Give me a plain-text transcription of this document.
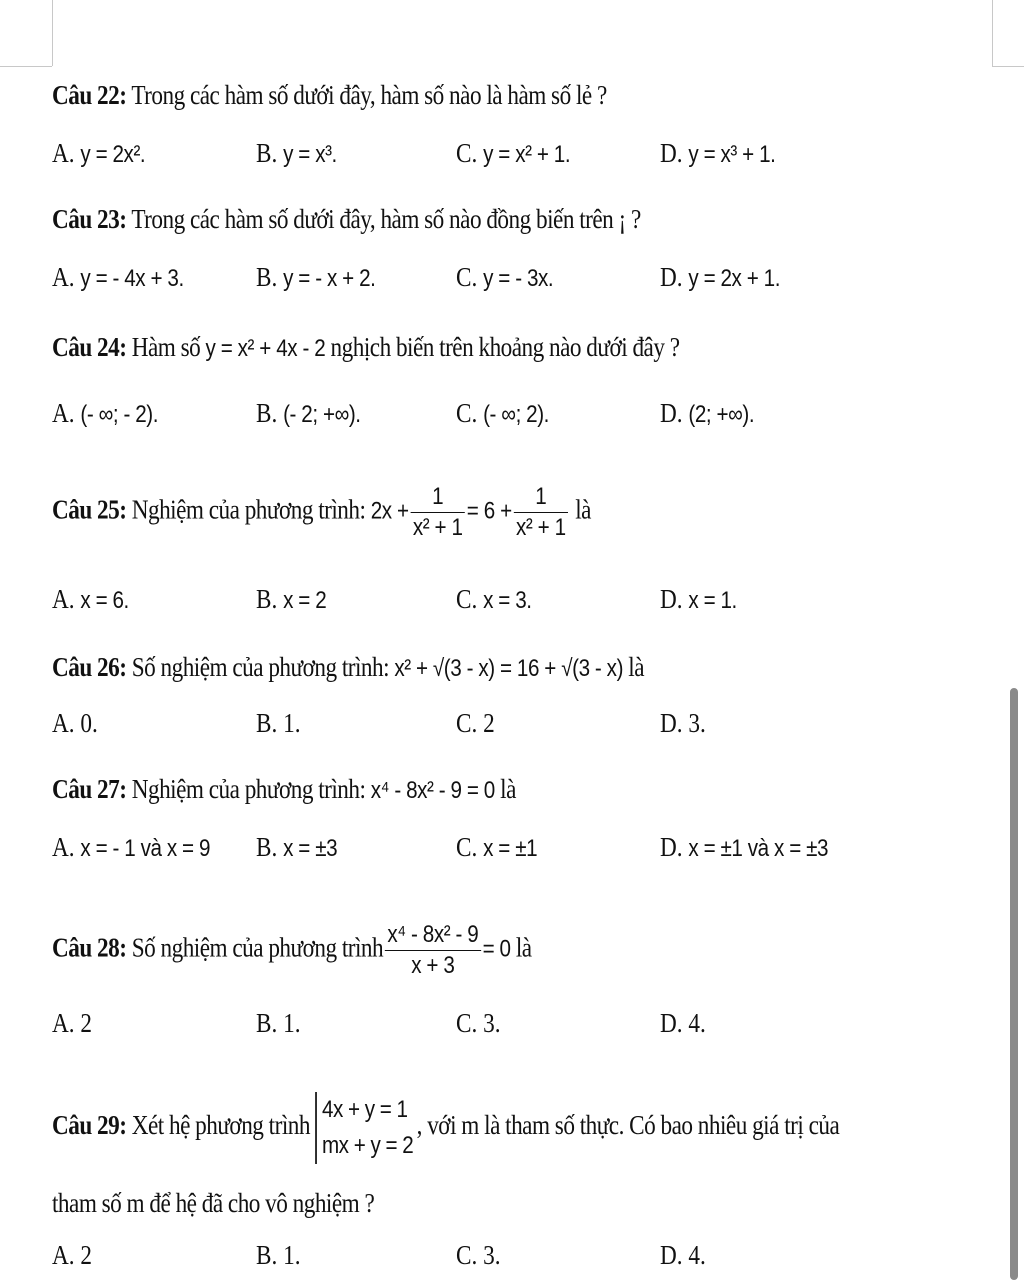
Câu 22: Trong các hàm số dưới đây, hàm số nào là hàm số lẻ ?
A. y = 2x².	B. y = x³.	C. y = x² + 1.	D. y = x³ + 1.
Câu 23: Trong các hàm số dưới đây, hàm số nào đồng biến trên ¡ ?
A. y = - 4x + 3.	B. y = - x + 2.	C. y = - 3x.	D. y = 2x + 1.
Câu 24: Hàm số y = x² + 4x - 2 nghịch biến trên khoảng nào dưới đây ?
A. (- ∞; - 2).	B. (- 2; +∞).	C. (- ∞; 2).	D. (2; +∞).
Câu 25: Nghiệm của phương trình: $2x + \frac{1}{\text{x² + 1}} = 6 + \frac{1}{\text{x² + 1}}$ là
A. x = 6.	B. x = 2	C. x = 3.	D. x = 1.
Câu 26: Số nghiệm của phương trình: x² + √(3 - x) = 16 + √(3 - x) là
A. 0.	B. 1.	C. 2	D. 3.
Câu 27: Nghiệm của phương trình: x⁴ - 8x² - 9 = 0 là
A. x = - 1 và x = 9 B. x = ±3	C. x = ±1	D. x = ±1 và x = ±3
Câu 28: Số nghiệm của phương trình $\frac{\text{x⁴ - 8x² - 9}}{x + 3} = 0$ là
A. 2	B. 1.	C. 3.	D. 4.
Câu 29: Xét hệ phương trình
4x + y = 1
mx + y = 2
, với m là tham số thực. Có bao nhiêu giá trị của
tham số m để hệ đã cho vô nghiệm ?
A. 2	B. 1.	C. 3.	D. 4.
